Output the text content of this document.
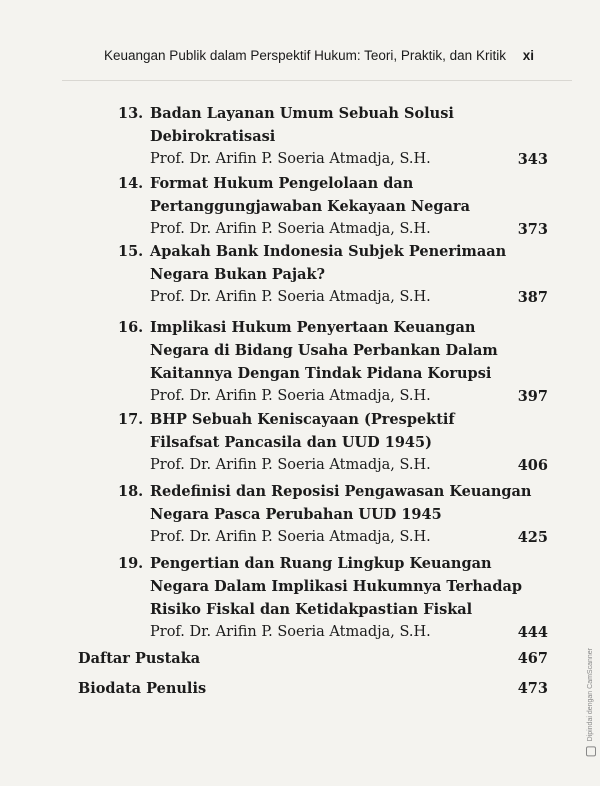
Keuangan Publik dalam Perspektif Hukum: Teori, Praktik, dan Kritik xi
13. Badan Layanan Umum Sebuah Solusi
Debirokratisasi
Prof. Dr. Arifin P. Soeria Atmadja, S.H.	343
14. Format Hukum Pengelolaan dan
Pertanggungjawaban Kekayaan Negara
Prof. Dr. Arifin P. Soeria Atmadja, S.H.	373
15. Apakah Bank Indonesia Subjek Penerimaan
Negara Bukan Pajak?
Prof. Dr. Arifin P. Soeria Atmadja, S.H.	387
16. Implikasi Hukum Penyertaan Keuangan
Negara di Bidang Usaha Perbankan Dalam
Kaitannya Dengan Tindak Pidana Korupsi
Prof. Dr. Arifin P. Soeria Atmadja, S.H.	397
17. BHP Sebuah Keniscayaan (Prespektif
Filsafsat Pancasila dan UUD 1945)
Prof. Dr. Arifin P. Soeria Atmadja, S.H.	406
18. Redefinisi dan Reposisi Pengawasan Keuangan
Negara Pasca Perubahan UUD 1945
Prof. Dr. Arifin P. Soeria Atmadja, S.H.	425
19. Pengertian dan Ruang Lingkup Keuangan
Negara Dalam Implikasi Hukumnya Terhadap
Risiko Fiskal dan Ketidakpastian Fiskal
Prof. Dr. Arifin P. Soeria Atmadja, S.H.	444
Daftar Pustaka	467
Biodata Penulis	473	Dipindai dengan CamScanner
